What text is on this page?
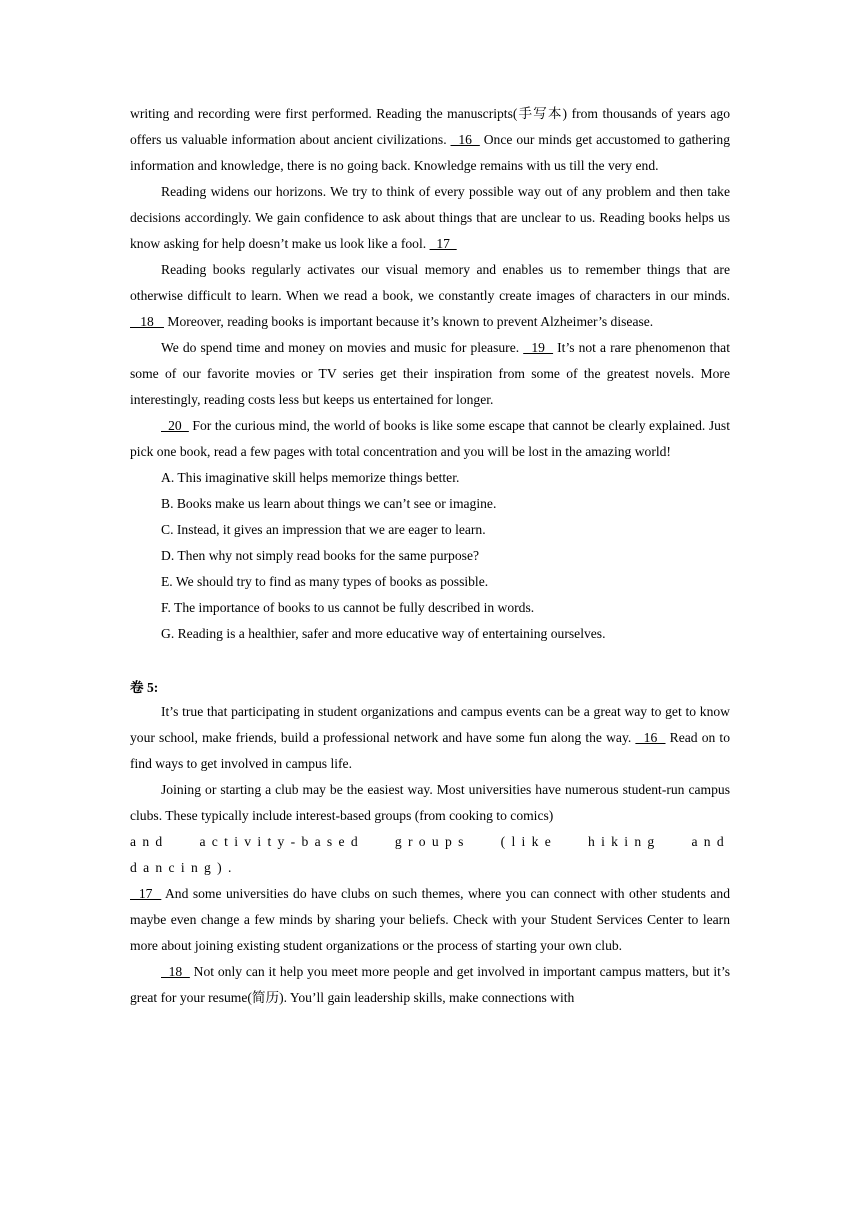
writing and recording were first performed. Reading the manuscripts(手写本) from thousands of years ago offers us valuable information about ancient civilizations.   16   Once our minds get accustomed to gathering information and knowledge, there is no going back. Knowledge remains with us till the very end.

Reading widens our horizons. We try to think of every possible way out of any problem and then take decisions accordingly. We gain confidence to ask about things that are unclear to us. Reading books helps us know asking for help doesn’t make us look like a fool.   17

Reading books regularly activates our visual memory and enables us to remember things that are otherwise difficult to learn. When we read a book, we constantly create images of characters in our minds.    18    Moreover, reading books is important because it’s known to prevent Alzheimer’s disease.

We do spend time and money on movies and music for pleasure.   19   It’s not a rare phenomenon that some of our favorite movies or TV series get their inspiration from some of the greatest novels. More interestingly, reading costs less but keeps us entertained for longer.

20   For the curious mind, the world of books is like some escape that cannot be clearly explained. Just pick one book, read a few pages with total concentration and you will be lost in the amazing world!

A. This imaginative skill helps memorize things better.

B. Books make us learn about things we can’t see or imagine.

C. Instead, it gives an impression that we are eager to learn.

D. Then why not simply read books for the same purpose?

E. We should try to find as many types of books as possible.

F. The importance of books to us cannot be fully described in words.

G. Reading is a healthier, safer and more educative way of entertaining ourselves.

卷 5:

It’s true that participating in student organizations and campus events can be a great way to get to know your school, make friends, build a professional network and have some fun along the way.   16   Read on to find ways to get involved in campus life.

Joining or starting a club may be the easiest way. Most universities have numerous student-run campus clubs. These typically include interest-based groups (from cooking to comics)

and activity-based groups (like hiking and dancing).

17   And some universities do have clubs on such themes, where you can connect with other students and maybe even change a few minds by sharing your beliefs. Check with your Student Services Center to learn more about joining existing student organizations or the process of starting your own club.

18   Not only can it help you meet more people and get involved in important campus matters, but it’s great for your resume(简历). You’ll gain leadership skills, make connections with
